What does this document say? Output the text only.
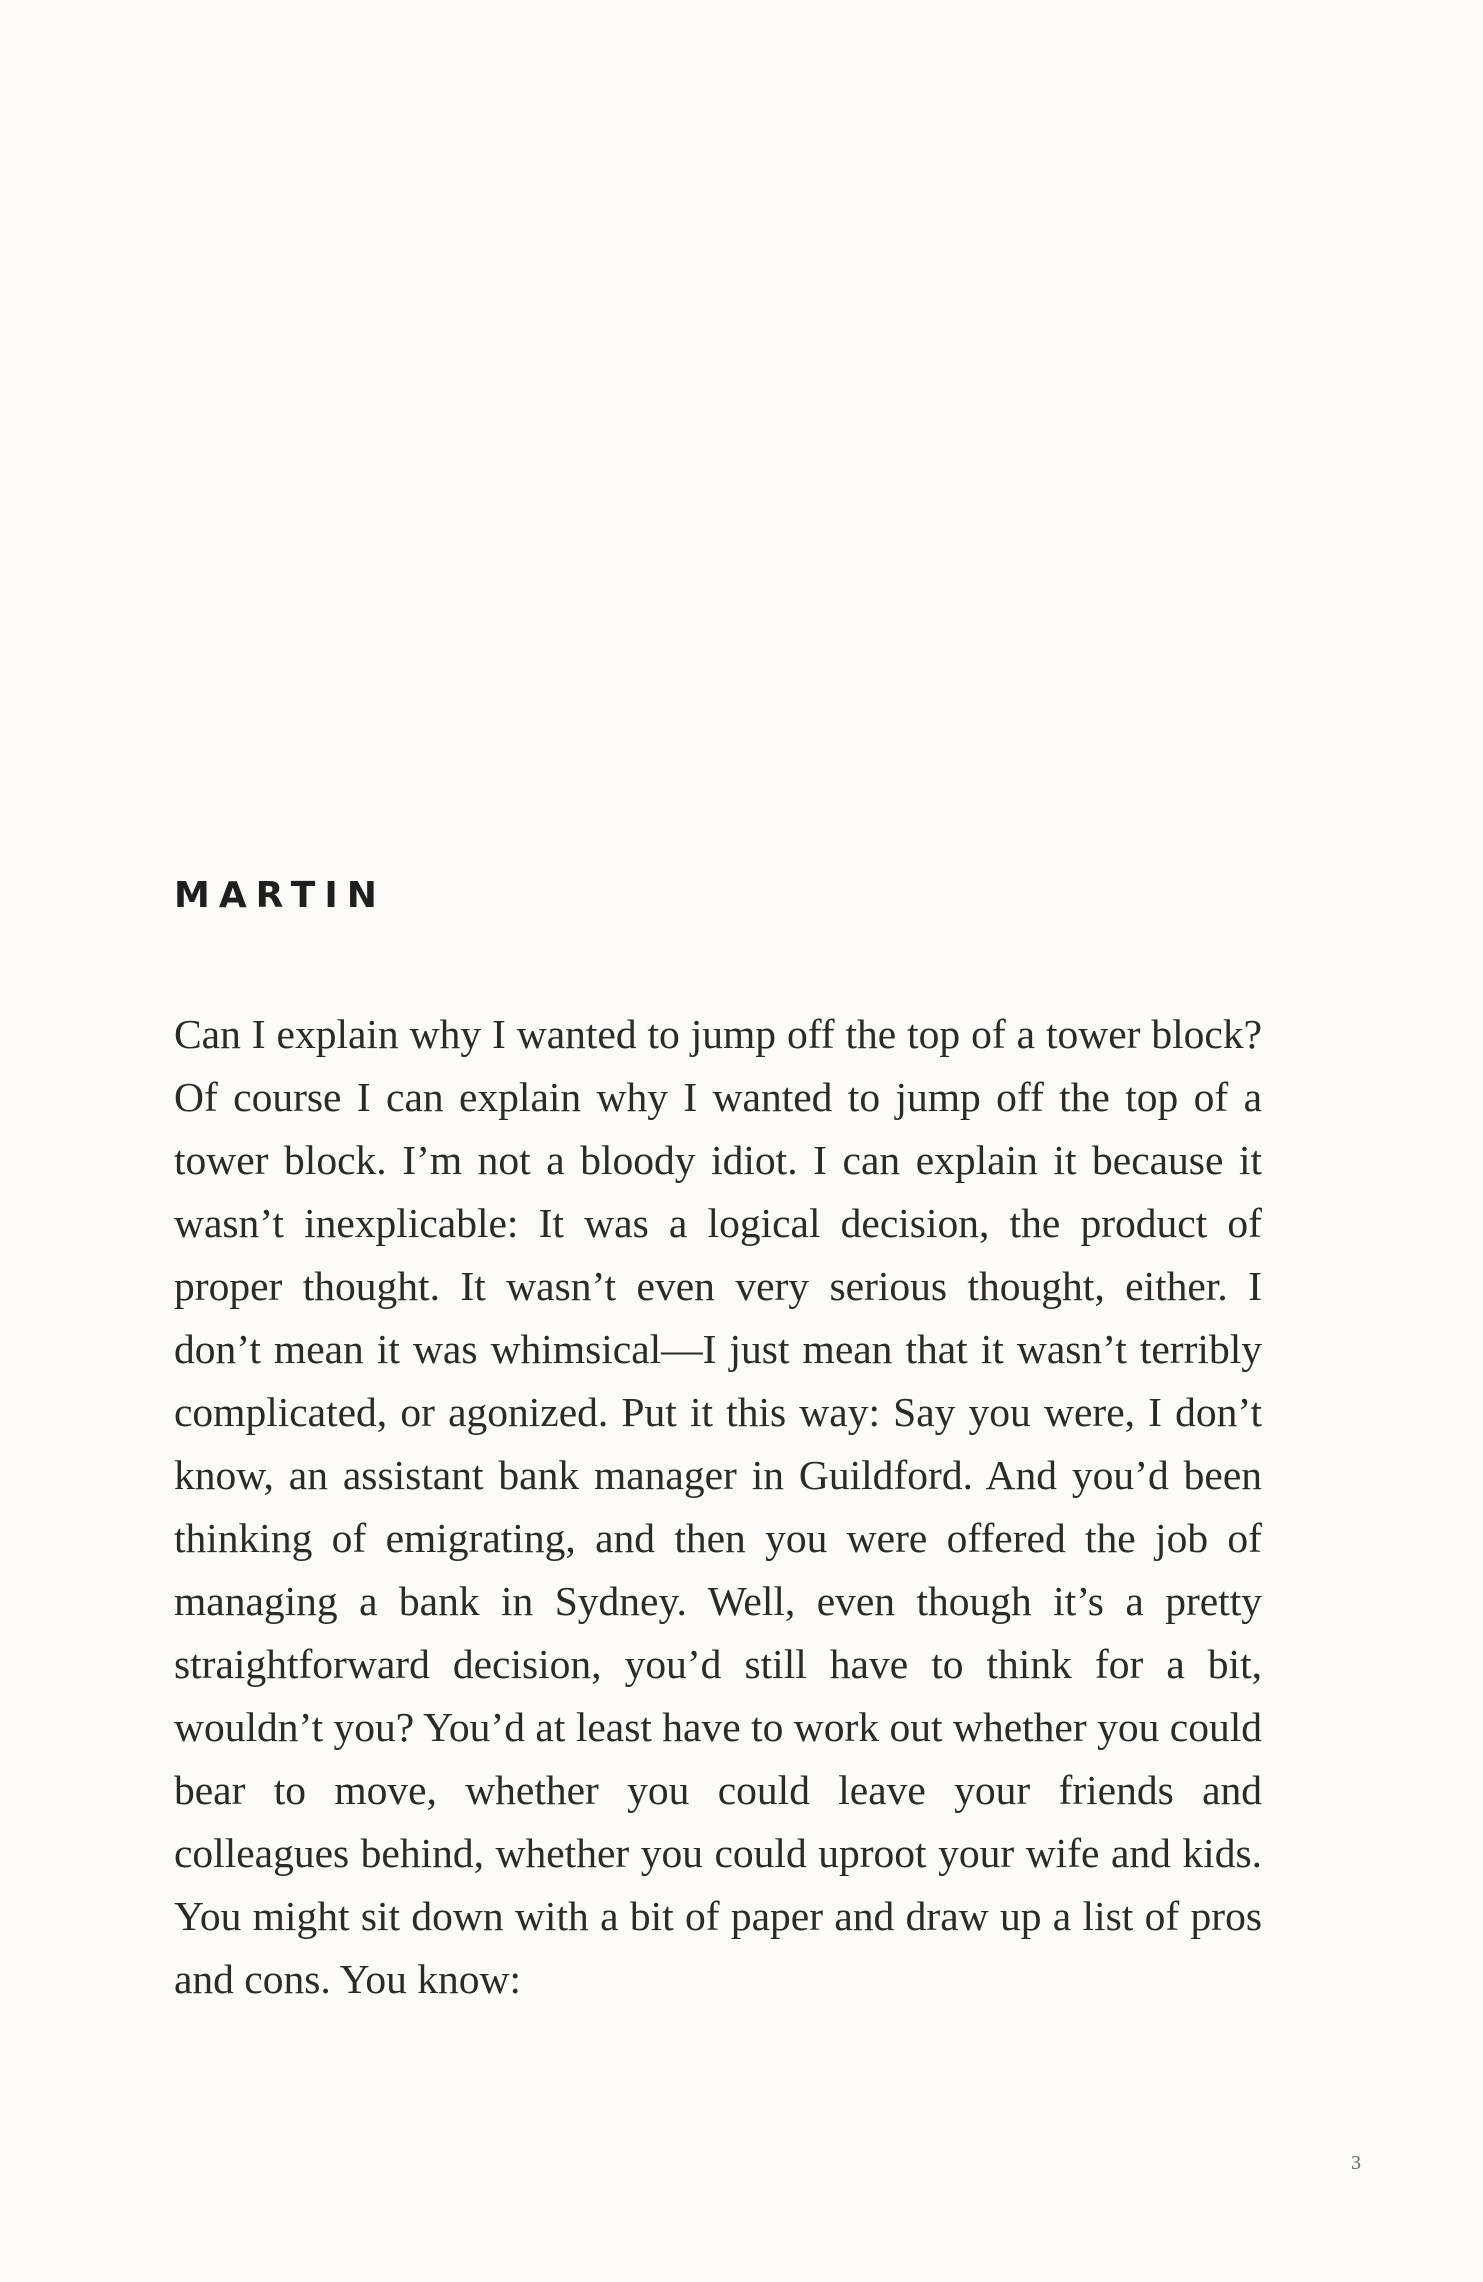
MARTIN

Can I explain why I wanted to jump off the top of a tower block? Of course I can explain why I wanted to jump off the top of a tower block. I’m not a bloody idiot. I can explain it because it wasn’t inexplicable: It was a logical decision, the product of proper thought. It wasn’t even very serious thought, either. I don’t mean it was whimsical—I just mean that it wasn’t terribly complicated, or agonized. Put it this way: Say you were, I don’t know, an assistant bank manager in Guildford. And you’d been thinking of emigrating, and then you were offered the job of managing a bank in Sydney. Well, even though it’s a pretty straightforward decision, you’d still have to think for a bit, wouldn’t you? You’d at least have to work out whether you could bear to move, whether you could leave your friends and colleagues behind, whether you could uproot your wife and kids. You might sit down with a bit of paper and draw up a list of pros and cons. You know:

3
